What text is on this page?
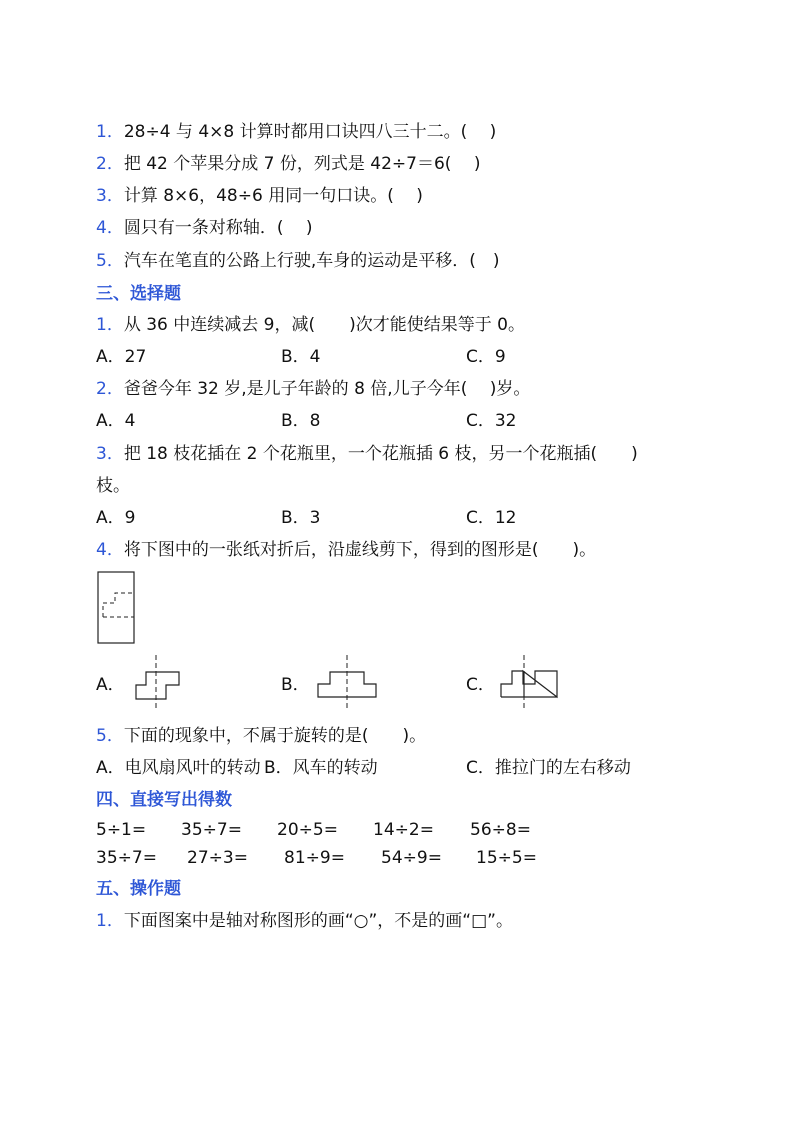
1．28÷4 与 4×8 计算时都用口诀四八三十二。(　 )
2．把 42 个苹果分成 7 份，列式是 42÷7＝6(　 )
3．计算 8×6，48÷6 用同一句口诀。(　 )
4．圆只有一条对称轴．(　 )
5．汽车在笔直的公路上行驶,车身的运动是平移．(　)
三、选择题
1．从 36 中连续减去 9，减(　　)次才能使结果等于 0。
A．27	B．4	C．9
2．爸爸今年 32 岁,是儿子年龄的 8 倍,儿子今年(　 )岁。
A．4	B．8	C．32
3．把 18 枝花插在 2 个花瓶里，一个花瓶插 6 枝，另一个花瓶插(　　)
枝。
A．9	B．3	C．12
4．将下图中的一张纸对折后，沿虚线剪下，得到的图形是(　　)。
A．	B．	C．
5．下面的现象中，不属于旋转的是(　　)。
A．电风扇风叶的转动 B．风车的转动	C．推拉门的左右移动
四、直接写出得数
5÷1= 35÷7= 20÷5= 14÷2= 56÷8=
35÷7= 27÷3= 81÷9= 54÷9= 15÷5=
五、操作题
1．下面图案中是轴对称图形的画“○”，不是的画“□”。
